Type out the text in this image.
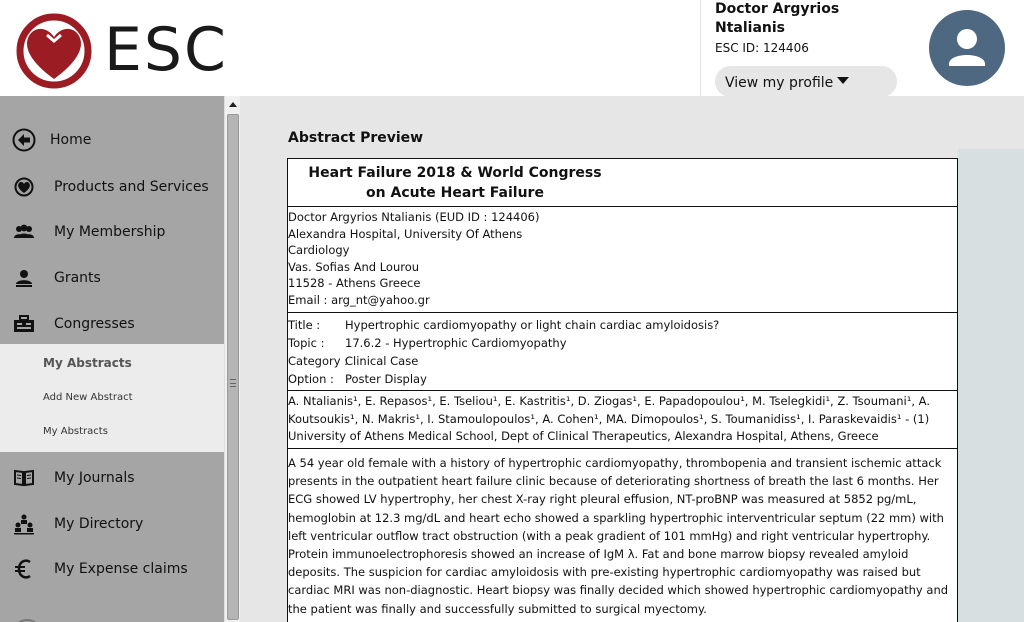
ESC
Doctor Argyrios Ntalianis
ESC ID: 124406
View my profile
Home
Products and Services
My Membership
Grants
Congresses
My Abstracts
Add New Abstract
My Abstracts
My Journals
My Directory
My Expense claims
Abstract Preview
Heart Failure 2018 & World Congress on Acute Heart Failure
Doctor Argyrios Ntalianis (EUD ID : 124406)
Alexandra Hospital, University Of Athens
Cardiology
Vas. Sofias And Lourou
11528 - Athens Greece
Email : arg_nt@yahoo.gr
Title : Hypertrophic cardiomyopathy or light chain cardiac amyloidosis?
Topic : 17.6.2 - Hypertrophic Cardiomyopathy
Category :
Clinical Case
Option : Poster Display
A. Ntalianis¹, E. Repasos¹, E. Tseliou¹, E. Kastritis¹, D. Ziogas¹, E. Papadopoulou¹, M. Tselegkidi¹, Z. Tsoumani¹, A. Koutsoukis¹, N. Makris¹, I. Stamoulopoulos¹, A. Cohen¹, MA. Dimopoulos¹, S. Toumanidiss¹, I. Paraskevaidis¹ - (1) University of Athens Medical School, Dept of Clinical Therapeutics, Alexandra Hospital, Athens, Greece
A 54 year old female with a history of hypertrophic cardiomyopathy, thrombopenia and transient ischemic attack presents in the outpatient heart failure clinic because of deteriorating shortness of breath the last 6 months. Her ECG showed LV hypertrophy, her chest X-ray right pleural effusion, NT-proBNP was measured at 5852 pg/mL, hemoglobin at 12.3 mg/dL and heart echo showed a sparkling hypertrophic interventricular septum (22 mm) with left ventricular outflow tract obstruction (with a peak gradient of 101 mmHg) and right ventricular hypertrophy. Protein immunoelectrophoresis showed an increase of IgM λ. Fat and bone marrow biopsy revealed amyloid deposits. The suspicion for cardiac amyloidosis with pre-existing hypertrophic cardiomyopathy was raised but cardiac MRI was non-diagnostic. Heart biopsy was finally decided which showed hypertrophic cardiomyopathy and the patient was finally and successfully submitted to surgical myectomy.
